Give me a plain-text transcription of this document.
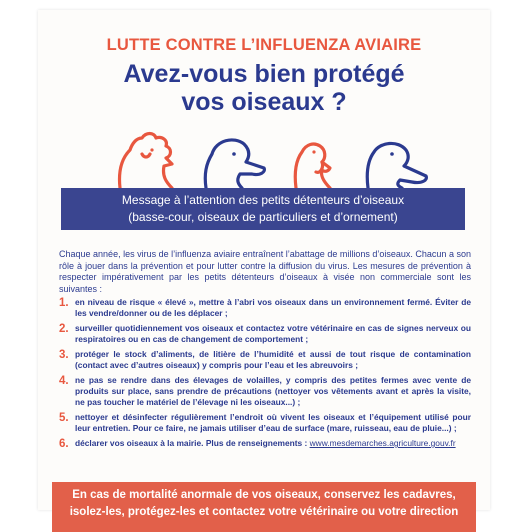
LUTTE CONTRE L’INFLUENZA AVIAIRE
Avez-vous bien protégé
vos oiseaux ?
Message à l’attention des petits détenteurs d’oiseaux
(basse-cour, oiseaux de particuliers et d’ornement)
Chaque année, les virus de l’influenza aviaire entraînent l’abattage de millions d’oiseaux. Chacun a son rôle à jouer dans la prévention et pour lutter contre la diffusion du virus. Les mesures de prévention à respecter impérativement par les petits détenteurs d’oiseaux à visée non commerciale sont les suivantes :
1. en niveau de risque « élevé », mettre à l’abri vos oiseaux dans un environnement fermé. Éviter de les vendre/donner ou de les déplacer ;
2. surveiller quotidiennement vos oiseaux et contactez votre vétérinaire en cas de signes nerveux ou respiratoires ou en cas de changement de comportement ;
3. protéger le stock d’aliments, de litière de l’humidité et aussi de tout risque de contamination (contact avec d’autres oiseaux) y compris pour l’eau et les abreuvoirs ;
4. ne pas se rendre dans des élevages de volailles, y compris des petites fermes avec vente de produits sur place, sans prendre de précautions (nettoyer vos vêtements avant et après la visite, ne pas toucher le matériel de l’élevage ni les oiseaux...) ;
5. nettoyer et désinfecter régulièrement l’endroit où vivent les oiseaux et l’équipement utilisé pour leur entretien. Pour ce faire, ne jamais utiliser d’eau de surface (mare, ruisseau, eau de pluie...) ;
6. déclarer vos oiseaux à la mairie. Plus de renseignements : www.mesdemarches.agriculture.gouv.fr
En cas de mortalité anormale de vos oiseaux, conservez les cadavres,
isolez-les, protégez-les et contactez votre vétérinaire ou votre direction
